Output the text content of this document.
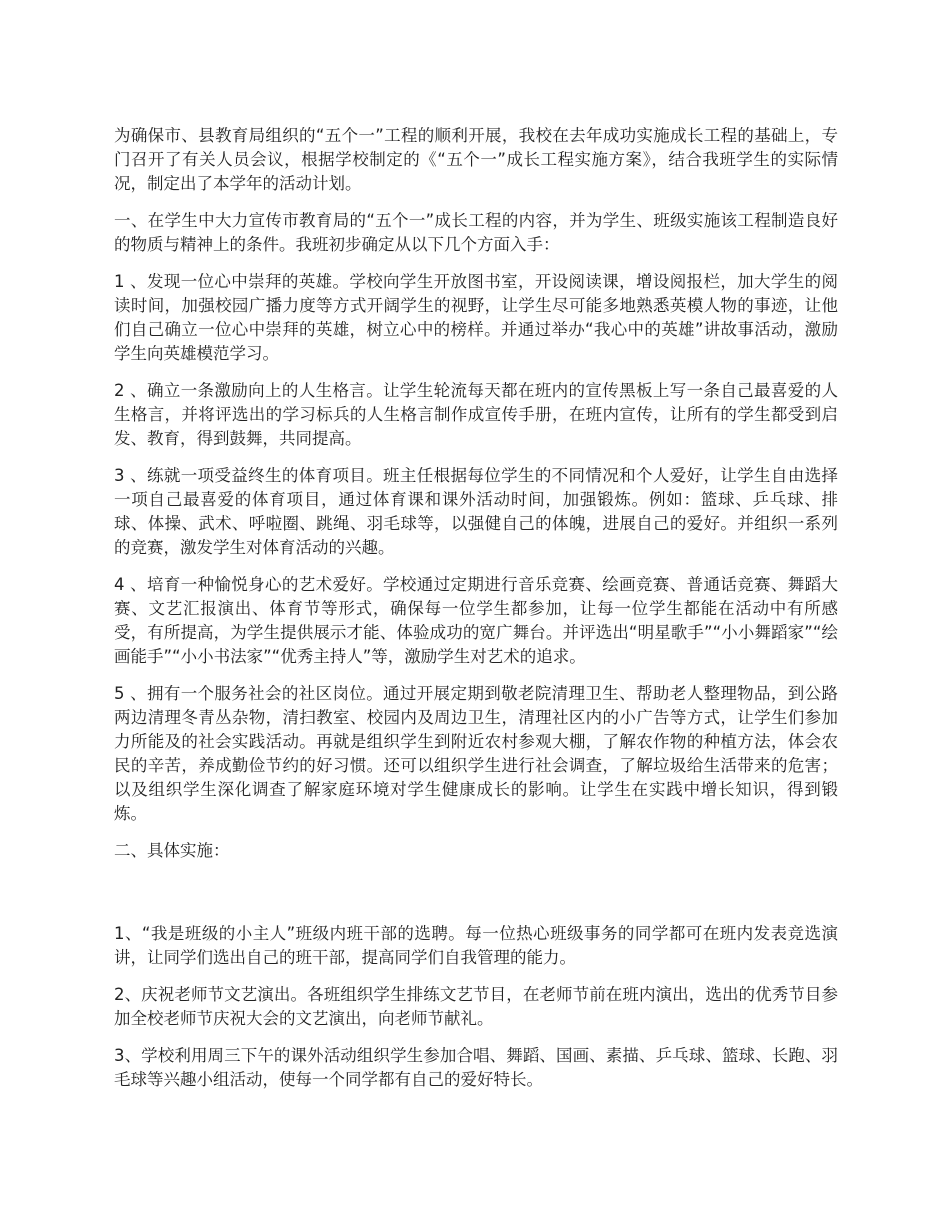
为确保市、县教育局组织的“五个一”工程的顺利开展，我校在去年成功实施成长工程的基础上，专门召开了有关人员会议，根据学校制定的《“五个一”成长工程实施方案》，结合我班学生的实际情况，制定出了本学年的活动计划。

一、在学生中大力宣传市教育局的“五个一”成长工程的内容，并为学生、班级实施该工程制造良好的物质与精神上的条件。我班初步确定从以下几个方面入手：

1 、发现一位心中崇拜的英雄。学校向学生开放图书室，开设阅读课，增设阅报栏，加大学生的阅读时间，加强校园广播力度等方式开阔学生的视野，让学生尽可能多地熟悉英模人物的事迹，让他们自己确立一位心中崇拜的英雄，树立心中的榜样。并通过举办“我心中的英雄”讲故事活动，激励学生向英雄模范学习。

2 、确立一条激励向上的人生格言。让学生轮流每天都在班内的宣传黑板上写一条自己最喜爱的人生格言，并将评选出的学习标兵的人生格言制作成宣传手册，在班内宣传，让所有的学生都受到启发、教育，得到鼓舞，共同提高。

3 、练就一项受益终生的体育项目。班主任根据每位学生的不同情况和个人爱好，让学生自由选择一项自己最喜爱的体育项目，通过体育课和课外活动时间，加强锻炼。例如：篮球、乒乓球、排球、体操、武术、呼啦圈、跳绳、羽毛球等，以强健自己的体魄，进展自己的爱好。并组织一系列的竞赛，激发学生对体育活动的兴趣。

4 、培育一种愉悦身心的艺术爱好。学校通过定期进行音乐竞赛、绘画竞赛、普通话竞赛、舞蹈大赛、文艺汇报演出、体育节等形式，确保每一位学生都参加，让每一位学生都能在活动中有所感受，有所提高，为学生提供展示才能、体验成功的宽广舞台。并评选出“明星歌手”“小小舞蹈家”“绘画能手”“小小书法家”“优秀主持人”等，激励学生对艺术的追求。

5 、拥有一个服务社会的社区岗位。通过开展定期到敬老院清理卫生、帮助老人整理物品，到公路两边清理冬青丛杂物，清扫教室、校园内及周边卫生，清理社区内的小广告等方式，让学生们参加力所能及的社会实践活动。再就是组织学生到附近农村参观大棚，了解农作物的种植方法，体会农民的辛苦，养成勤俭节约的好习惯。还可以组织学生进行社会调查，了解垃圾给生活带来的危害；以及组织学生深化调查了解家庭环境对学生健康成长的影响。让学生在实践中增长知识，得到锻炼。

二、具体实施：

1、“我是班级的小主人”班级内班干部的选聘。每一位热心班级事务的同学都可在班内发表竞选演讲，让同学们选出自己的班干部，提高同学们自我管理的能力。

2、庆祝老师节文艺演出。各班组织学生排练文艺节目，在老师节前在班内演出，选出的优秀节目参加全校老师节庆祝大会的文艺演出，向老师节献礼。

3、学校利用周三下午的课外活动组织学生参加合唱、舞蹈、国画、素描、乒乓球、篮球、长跑、羽毛球等兴趣小组活动，使每一个同学都有自己的爱好特长。
